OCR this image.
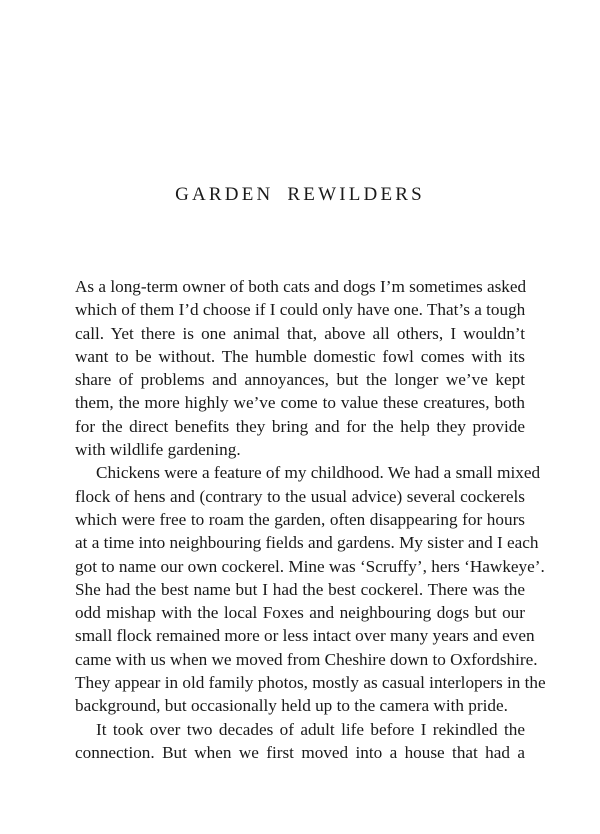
GARDEN REWILDERS
As a long-term owner of both cats and dogs I’m sometimes asked
which of them I’d choose if I could only have one. That’s a tough
call. Yet there is one animal that, above all others, I wouldn’t
want to be without. The humble domestic fowl comes with its
share of problems and annoyances, but the longer we’ve kept
them, the more highly we’ve come to value these creatures, both
for the direct benefits they bring and for the help they provide
with wildlife gardening.
Chickens were a feature of my childhood. We had a small mixed
flock of hens and (contrary to the usual advice) several cockerels
which were free to roam the garden, often disappearing for hours
at a time into neighbouring fields and gardens. My sister and I each
got to name our own cockerel. Mine was ‘Scruffy’, hers ‘Hawkeye’.
She had the best name but I had the best cockerel. There was the
odd mishap with the local Foxes and neighbouring dogs but our
small flock remained more or less intact over many years and even
came with us when we moved from Cheshire down to Oxfordshire.
They appear in old family photos, mostly as casual interlopers in the
background, but occasionally held up to the camera with pride.
It took over two decades of adult life before I rekindled the
connection. But when we first moved into a house that had a
